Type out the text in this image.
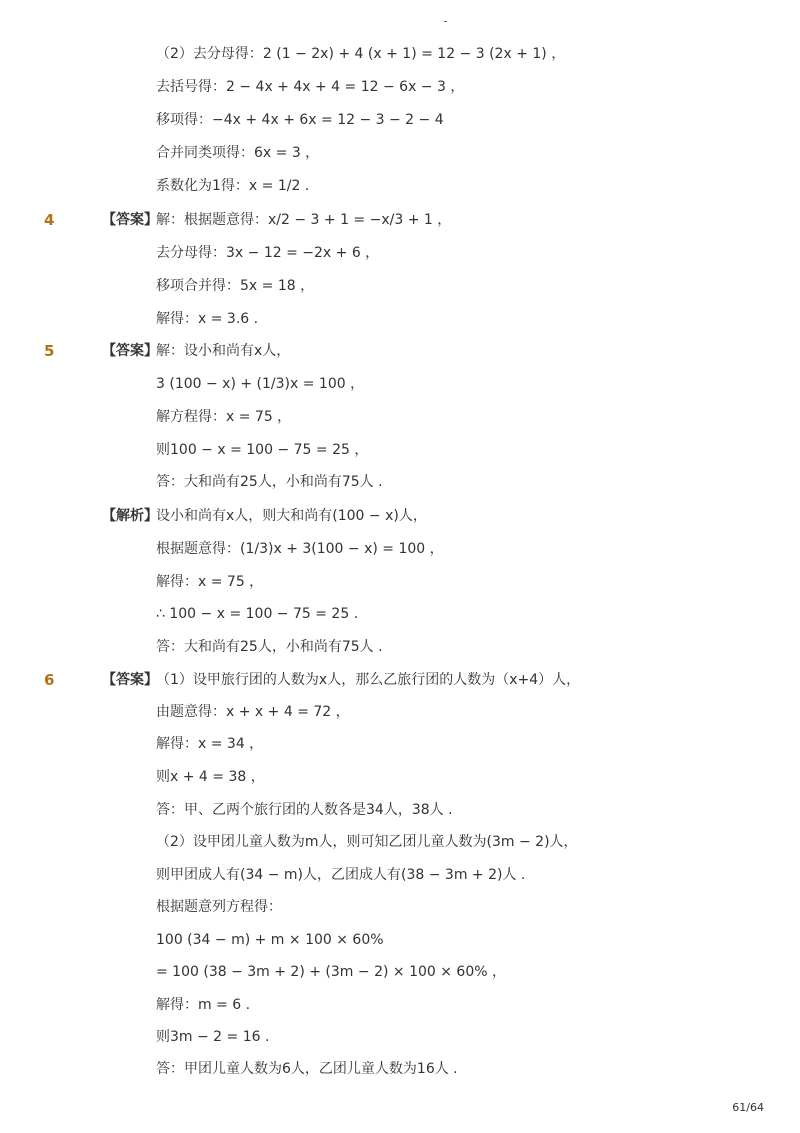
（2）去分母得：2 (1 − 2x) + 4 (x + 1) = 12 − 3 (2x + 1) ，
去括号得：2 − 4x + 4x + 4 = 12 − 6x − 3 ，
移项得：−4x + 4x + 6x = 12 − 3 − 2 − 4
合并同类项得：6x = 3 ，
系数化为1得：x = 1/2 .
4	【答案】
解：根据题意得：x/2 − 3 + 1 = −x/3 + 1 ，
去分母得：3x − 12 = −2x + 6 ，
移项合并得：5x = 18 ，
解得：x = 3.6 .
5	【答案】
解：设小和尚有x人，
3 (100 − x) + (1/3)x = 100 ，
解方程得：x = 75 ，
则100 − x = 100 − 75 = 25 ，
答：大和尚有25人，小和尚有75人 .
【解析】
设小和尚有x人，则大和尚有(100 − x)人，
根据题意得：(1/3)x + 3(100 − x) = 100 ，
解得：x = 75 ，
∴ 100 − x = 100 − 75 = 25 .
答：大和尚有25人，小和尚有75人 .
6	【答案】
（1）设甲旅行团的人数为x人，那么乙旅行团的人数为（x+4）人，
由题意得：x + x + 4 = 72 ，
解得：x = 34 ，
则x + 4 = 38 ，
答：甲、乙两个旅行团的人数各是34人，38人 .
（2）设甲团儿童人数为m人，则可知乙团儿童人数为(3m − 2)人，
则甲团成人有(34 − m)人，乙团成人有(38 − 3m + 2)人 .
根据题意列方程得：
100 (34 − m) + m × 100 × 60%
= 100 (38 − 3m + 2) + (3m − 2) × 100 × 60% ，
解得：m = 6 .
则3m − 2 = 16 .
答：甲团儿童人数为6人，乙团儿童人数为16人 .
61/64
